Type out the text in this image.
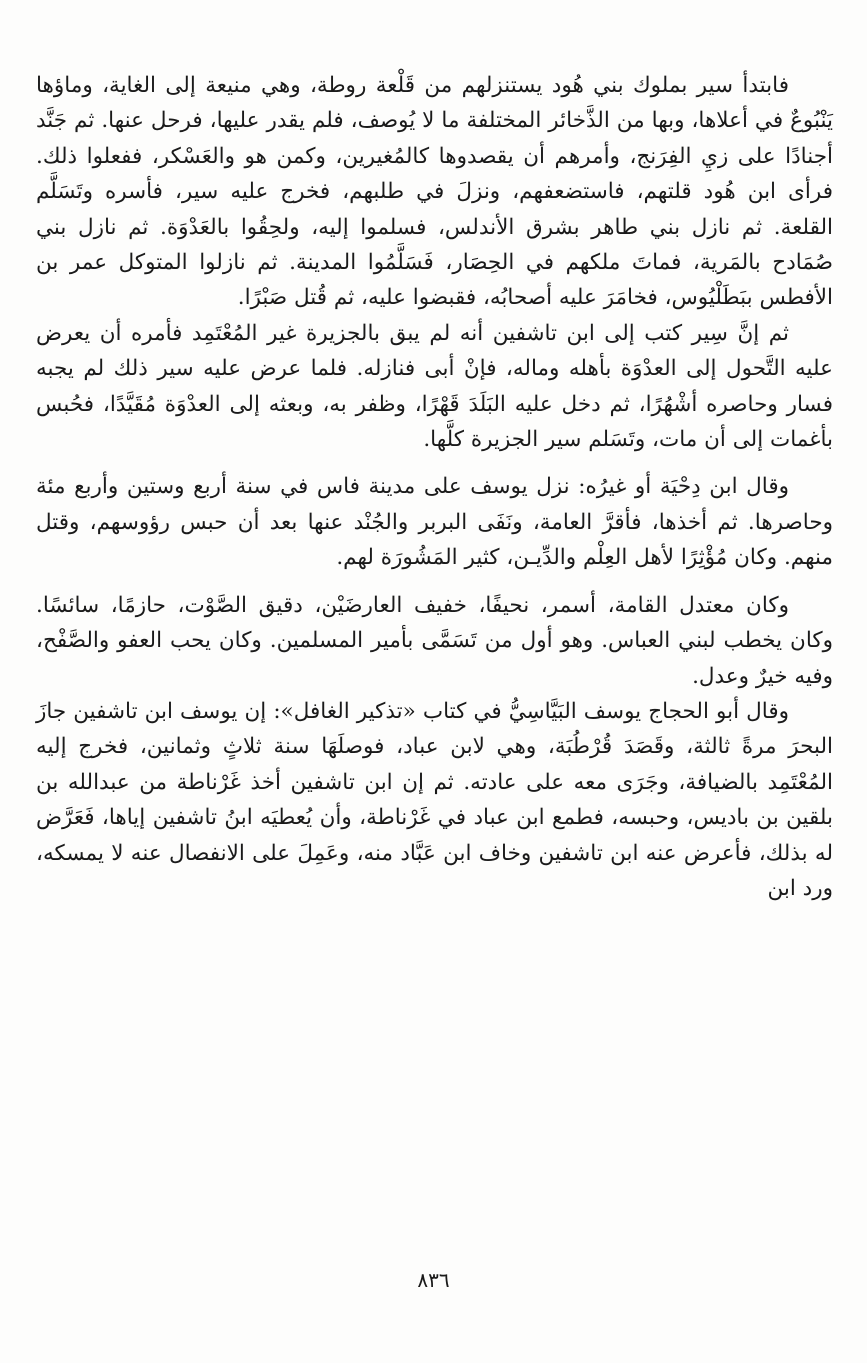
فابتدأ سير بملوك بني هُود يستنزلهم من قَلْعة روطة، وهي منيعة إلى الغاية، وماؤها يَنْبُوعٌ في أعلاها، وبها من الذَّخائر المختلفة ما لا يُوصف، فلم يقدر عليها، فرحل عنها. ثم جَنَّد أجنادًا على زيِ الفِرَنج، وأمرهم أن يقصدوها كالمُغيرين، وكمن هو والعَسْكر، ففعلوا ذلك. فرأى ابن هُود قلتهم، فاستضعفهم، ونزلَ في طلبهم، فخرج عليه سير، فأسره وتَسَلَّم القلعة. ثم نازل بني طاهر بشرق الأندلس، فسلموا إليه، ولحِقُوا بالعَدْوَة. ثم نازل بني صُمَادح بالمَرية، فماتَ ملكهم في الحِصَار، فَسَلَّمُوا المدينة. ثم نازلوا المتوكل عمر بن الأفطس ببَطَلْيُوس، فخامَرَ عليه أصحابُه، فقبضوا عليه، ثم قُتل صَبْرًا.

ثم إنَّ سِير كتب إلى ابن تاشفين أنه لم يبق بالجزيرة غير المُعْتَمِد فأمره أن يعرض عليه التَّحول إلى العدْوَة بأهله وماله، فإنْ أبى فنازله. فلما عرض عليه سير ذلك لم يجبه فسار وحاصره أشْهُرًا، ثم دخل عليه البَلَدَ قَهْرًا، وظفر به، وبعثه إلى العدْوَة مُقَيَّدًا، فحُبس بأغمات إلى أن مات، وتَسَلم سير الجزيرة كلَّها.

وقال ابن دِحْيَة أو غيرُه: نزل يوسف على مدينة فاس في سنة أربع وستين وأربع مئة وحاصرها. ثم أخذها، فأقرَّ العامة، ونَفَى البربر والجُنْد عنها بعد أن حبس رؤوسهم، وقتل منهم. وكان مُؤْثِرًا لأهل العِلْم والدِّيـن، كثير المَشُورَة لهم.

وكان معتدل القامة، أسمر، نحيفًا، خفيف العارضَيْن، دقيق الصَّوْت، حازمًا، سائسًا. وكان يخطب لبني العباس. وهو أول من تَسَمَّى بأمير المسلمين. وكان يحب العفو والصَّفْح، وفيه خيرٌ وعدل.

وقال أبو الحجاج يوسف البَيَّاسِيُّ في كتاب «تذكير الغافل»: إن يوسف ابن تاشفين جازَ البحرَ مرةً ثالثة، وقَصَدَ قُرْطُبَة، وهي لابن عباد، فوصلَهَا سنة ثلاثٍ وثمانين، فخرج إليه المُعْتَمِد بالضيافة، وجَرَى معه على عادته. ثم إن ابن تاشفين أخذ غَرْناطة من عبدالله بن بلقين بن باديس، وحبسه، فطمع ابن عباد في غَرْناطة، وأن يُعطيَه ابنُ تاشفين إياها، فَعَرَّض له بذلك، فأعرض عنه ابن تاشفين وخاف ابن عَبَّاد منه، وعَمِلَ على الانفصال عنه لا يمسكه، ورد ابن

٨٣٦
